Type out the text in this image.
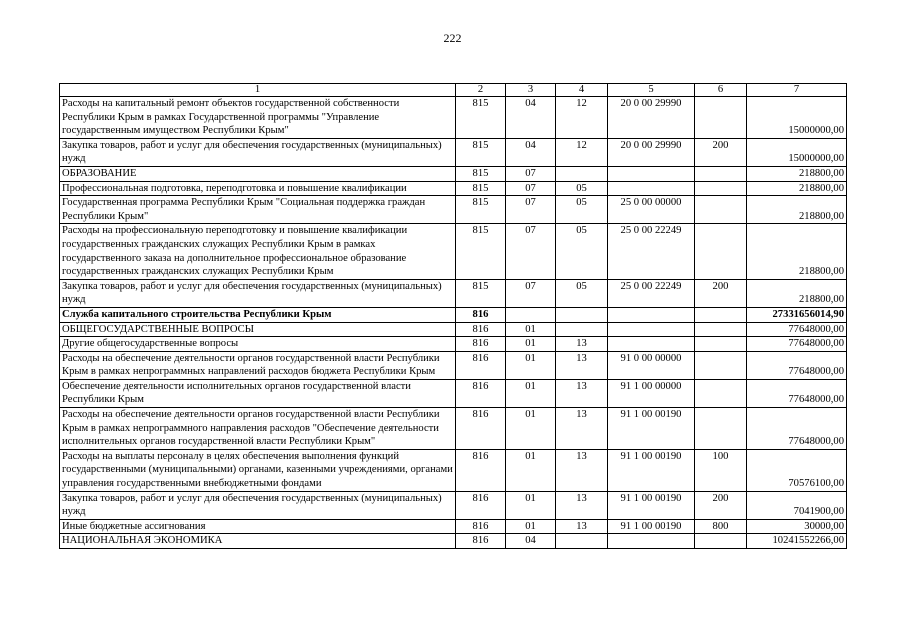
222
1	2	3	4	5	6	7
Расходы на капитальный ремонт объектов государственной собственности Республики Крым в рамках Государственной программы "Управление государственным имуществом Республики Крым"	815	04	12	20 0 00 29990		15000000,00
Закупка товаров, работ и услуг для обеспечения государственных (муниципальных) нужд	815	04	12	20 0 00 29990	200	15000000,00
ОБРАЗОВАНИЕ	815	07				218800,00
Профессиональная подготовка, переподготовка и повышение квалификации	815	07	05			218800,00
Государственная программа Республики Крым "Социальная поддержка граждан Республики Крым"	815	07	05	25 0 00 00000		218800,00
Расходы на профессиональную переподготовку и повышение квалификации государственных гражданских служащих Республики Крым в рамках государственного заказа на дополнительное профессиональное образование государственных гражданских служащих Республики Крым	815	07	05	25 0 00 22249		218800,00
Закупка товаров, работ и услуг для обеспечения государственных (муниципальных) нужд	815	07	05	25 0 00 22249	200	218800,00
Служба капитального строительства Республики Крым	816					27331656014,90
ОБЩЕГОСУДАРСТВЕННЫЕ ВОПРОСЫ	816	01				77648000,00
Другие общегосударственные вопросы	816	01	13			77648000,00
Расходы на обеспечение деятельности органов государственной власти Республики Крым в рамках непрограммных направлений расходов бюджета Республики Крым	816	01	13	91 0 00 00000		77648000,00
Обеспечение деятельности исполнительных органов государственной власти Республики Крым	816	01	13	91 1 00 00000		77648000,00
Расходы на обеспечение деятельности органов государственной власти Республики Крым в рамках непрограммного направления расходов "Обеспечение деятельности исполнительных органов государственной власти Республики Крым"	816	01	13	91 1 00 00190		77648000,00
Расходы на выплаты персоналу в целях обеспечения выполнения функций государственными (муниципальными) органами, казенными учреждениями, органами управления государственными внебюджетными фондами	816	01	13	91 1 00 00190	100	70576100,00
Закупка товаров, работ и услуг для обеспечения государственных (муниципальных) нужд	816	01	13	91 1 00 00190	200	7041900,00
Иные бюджетные ассигнования	816	01	13	91 1 00 00190	800	30000,00
НАЦИОНАЛЬНАЯ ЭКОНОМИКА	816	04				10241552266,00
